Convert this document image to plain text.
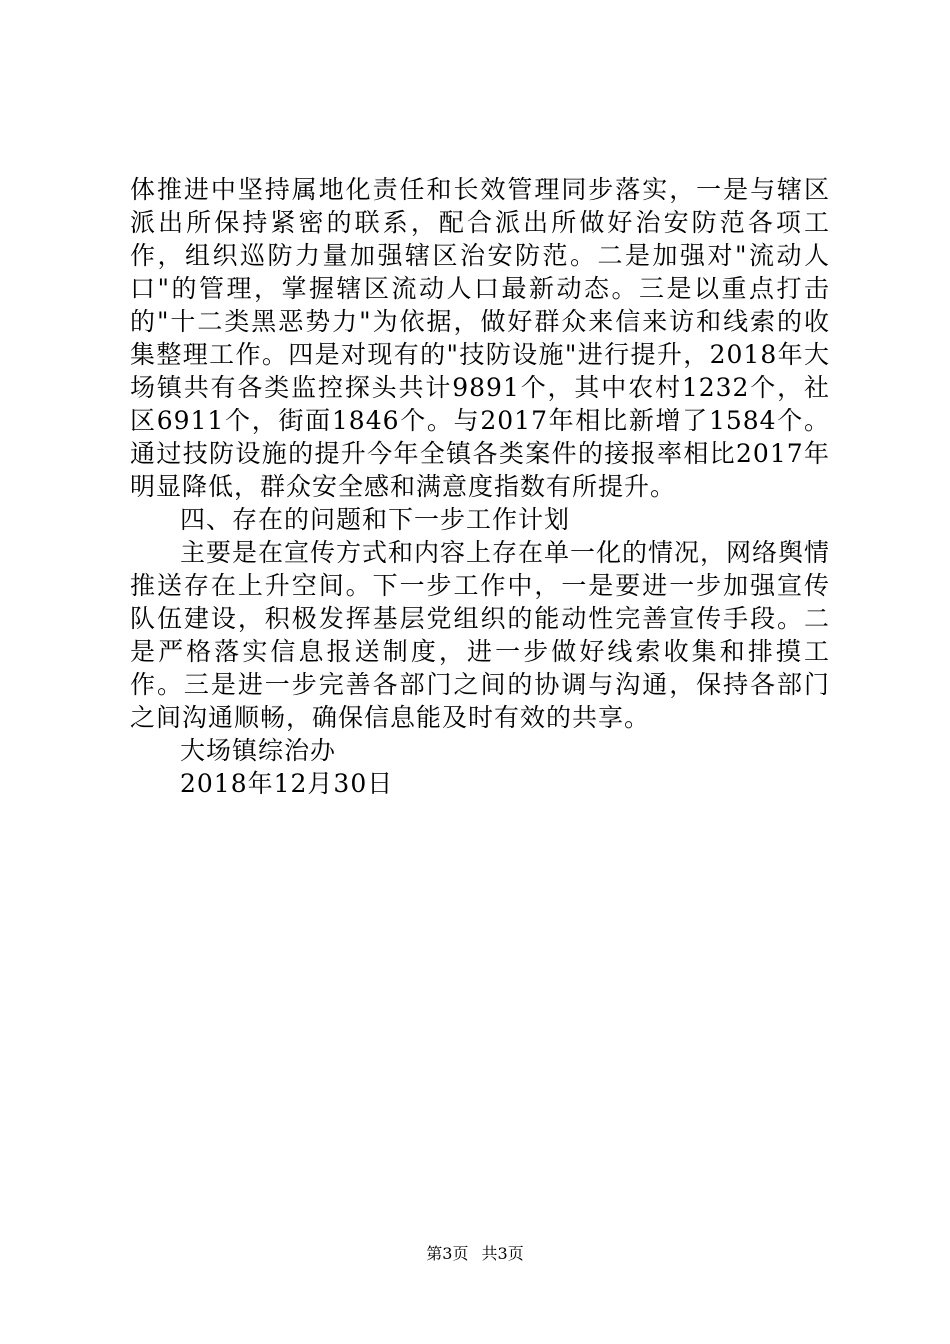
体推进中坚持属地化责任和长效管理同步落实，一是与辖区派出所保持紧密的联系，配合派出所做好治安防范各项工作，组织巡防力量加强辖区治安防范。二是加强对"流动人口"的管理，掌握辖区流动人口最新动态。三是以重点打击的"十二类黑恶势力"为依据，做好群众来信来访和线索的收集整理工作。四是对现有的"技防设施"进行提升，2018年大场镇共有各类监控探头共计9891个，其中农村1232个，社区6911个，街面1846个。与2017年相比新增了1584个。通过技防设施的提升今年全镇各类案件的接报率相比2017年明显降低，群众安全感和满意度指数有所提升。

四、存在的问题和下一步工作计划

主要是在宣传方式和内容上存在单一化的情况，网络舆情推送存在上升空间。下一步工作中，一是要进一步加强宣传队伍建设，积极发挥基层党组织的能动性完善宣传手段。二是严格落实信息报送制度，进一步做好线索收集和排摸工作。三是进一步完善各部门之间的协调与沟通，保持各部门之间沟通顺畅，确保信息能及时有效的共享。

大场镇综治办

2018年12月30日

第3页 共3页
